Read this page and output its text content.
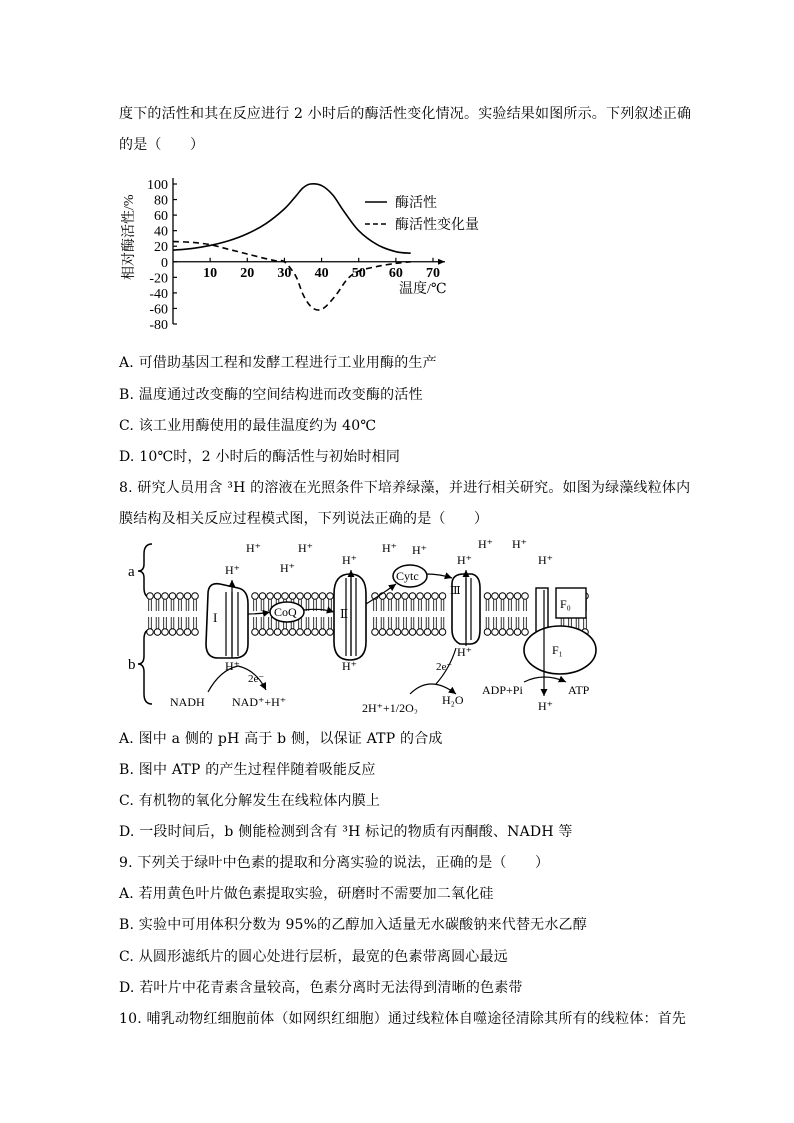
度下的活性和其在反应进行 2 小时后的酶活性变化情况。实验结果如图所示。下列叙述正确
的是（　　）
相对酶活性/%
100
80
60
40
20
0
-20
-40
-60
-80
10 20 30 40 50 60 70
温度/℃
酶活性
酶活性变化量
A. 可借助基因工程和发酵工程进行工业用酶的生产
B. 温度通过改变酶的空间结构进而改变酶的活性
C. 该工业用酶使用的最佳温度约为 40℃
D. 10℃时，2 小时后的酶活性与初始时相同
8. 研究人员用含 ³H 的溶液在光照条件下培养绿藻，并进行相关研究。如图为绿藻线粒体内
膜结构及相关反应过程模式图，下列说法正确的是（　　）
a
b
I	CoQ	Ⅱ
Cytc
Ⅲ
F₀
F₁
H⁺	H⁺
H⁺	H⁺
H⁺
H⁺ H⁺
H⁺
H⁺ H⁺
H⁺
H⁺	H⁺
H⁺
H⁺
2e⁻
NADH NAD⁺+H⁺
2e⁻
2H⁺+1/2O₂
H₂O
ADP+Pi	ATP
A. 图中 a 侧的 pH 高于 b 侧，以保证 ATP 的合成
B. 图中 ATP 的产生过程伴随着吸能反应
C. 有机物的氧化分解发生在线粒体内膜上
D. 一段时间后，b 侧能检测到含有 ³H 标记的物质有丙酮酸、NADH 等
9. 下列关于绿叶中色素的提取和分离实验的说法，正确的是（　　）
A. 若用黄色叶片做色素提取实验，研磨时不需要加二氧化硅
B. 实验中可用体积分数为 95%的乙醇加入适量无水碳酸钠来代替无水乙醇
C. 从圆形滤纸片的圆心处进行层析，最宽的色素带离圆心最远
D. 若叶片中花青素含量较高，色素分离时无法得到清晰的色素带
10. 哺乳动物红细胞前体（如网织红细胞）通过线粒体自噬途径清除其所有的线粒体：首先
